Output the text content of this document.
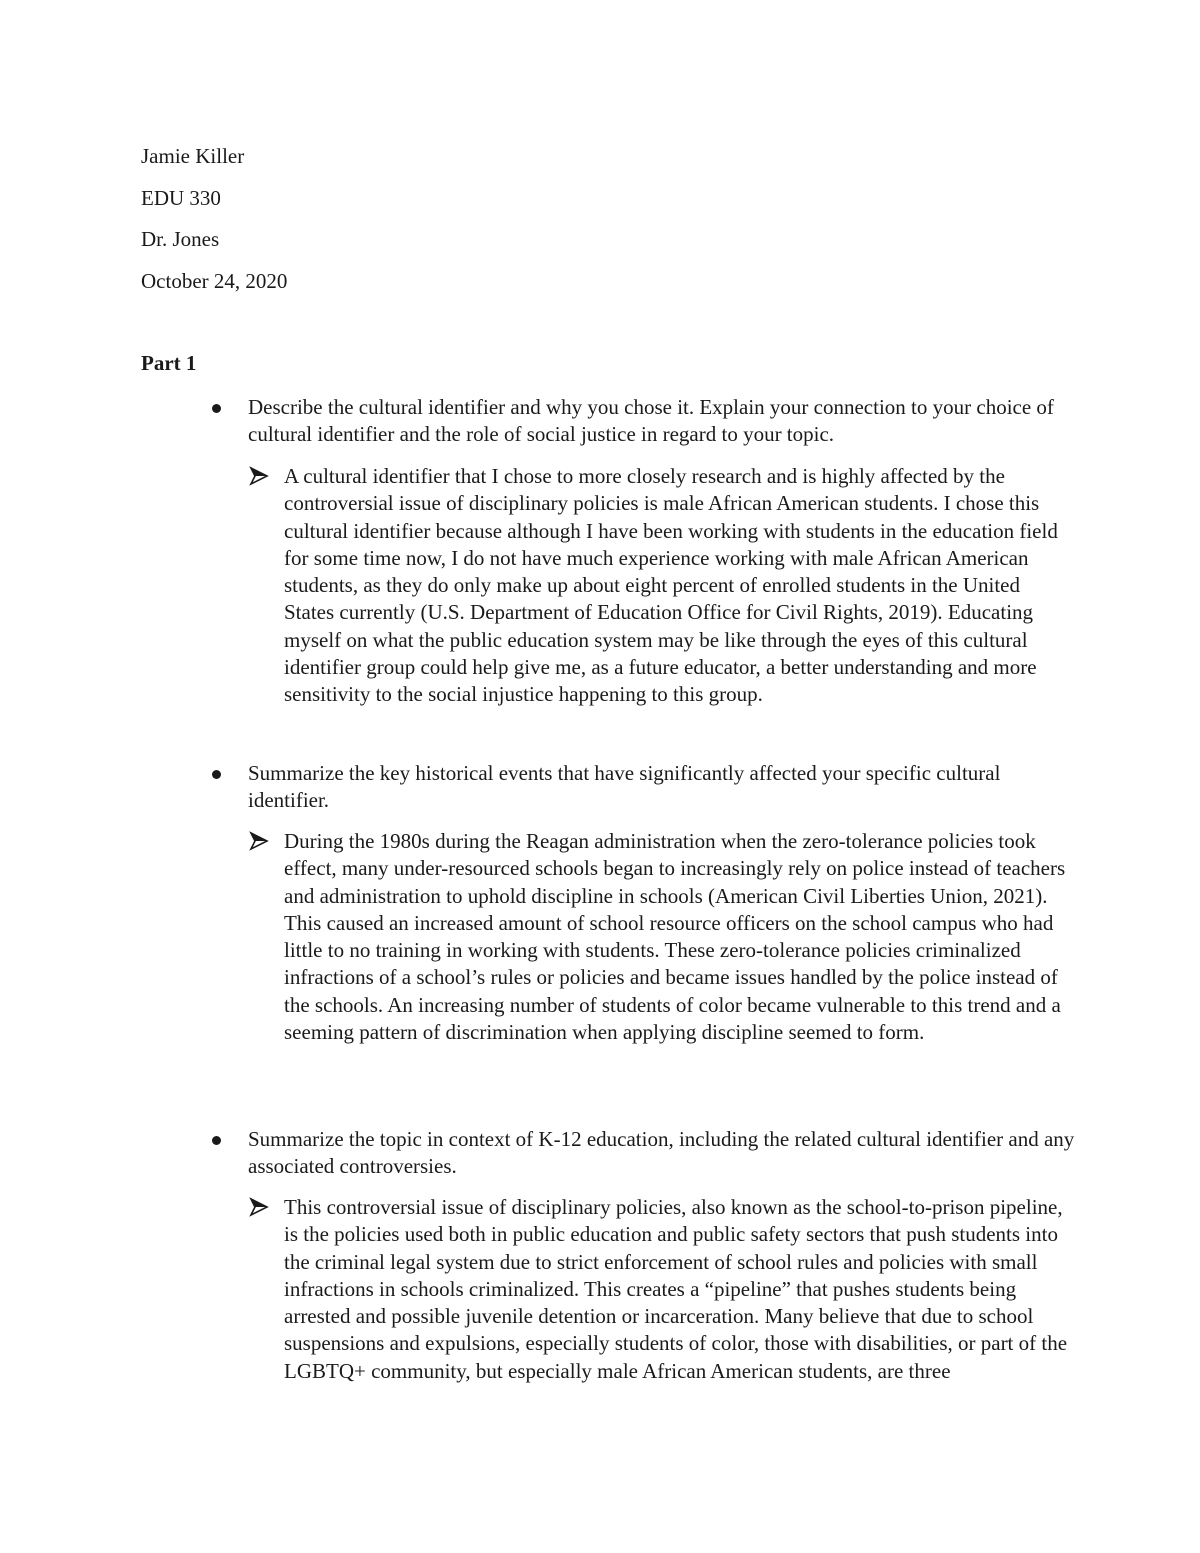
Jamie Killer
EDU 330
Dr. Jones
October 24, 2020
Part 1
Describe the cultural identifier and why you chose it. Explain your connection to your choice of cultural identifier and the role of social justice in regard to your topic.
A cultural identifier that I chose to more closely research and is highly affected by the controversial issue of disciplinary policies is male African American students. I chose this cultural identifier because although I have been working with students in the education field for some time now, I do not have much experience working with male African American students, as they do only make up about eight percent of enrolled students in the United States currently (U.S. Department of Education Office for Civil Rights, 2019). Educating myself on what the public education system may be like through the eyes of this cultural identifier group could help give me, as a future educator, a better understanding and more sensitivity to the social injustice happening to this group.
Summarize the key historical events that have significantly affected your specific cultural identifier.
During the 1980s during the Reagan administration when the zero-tolerance policies took effect, many under-resourced schools began to increasingly rely on police instead of teachers and administration to uphold discipline in schools (American Civil Liberties Union, 2021). This caused an increased amount of school resource officers on the school campus who had little to no training in working with students. These zero-tolerance policies criminalized infractions of a school’s rules or policies and became issues handled by the police instead of the schools. An increasing number of students of color became vulnerable to this trend and a seeming pattern of discrimination when applying discipline seemed to form.
Summarize the topic in context of K-12 education, including the related cultural identifier and any associated controversies.
This controversial issue of disciplinary policies, also known as the school-to-prison pipeline, is the policies used both in public education and public safety sectors that push students into the criminal legal system due to strict enforcement of school rules and policies with small infractions in schools criminalized. This creates a “pipeline” that pushes students being arrested and possible juvenile detention or incarceration. Many believe that due to school suspensions and expulsions, especially students of color, those with disabilities, or part of the LGBTQ+ community, but especially male African American students, are three
